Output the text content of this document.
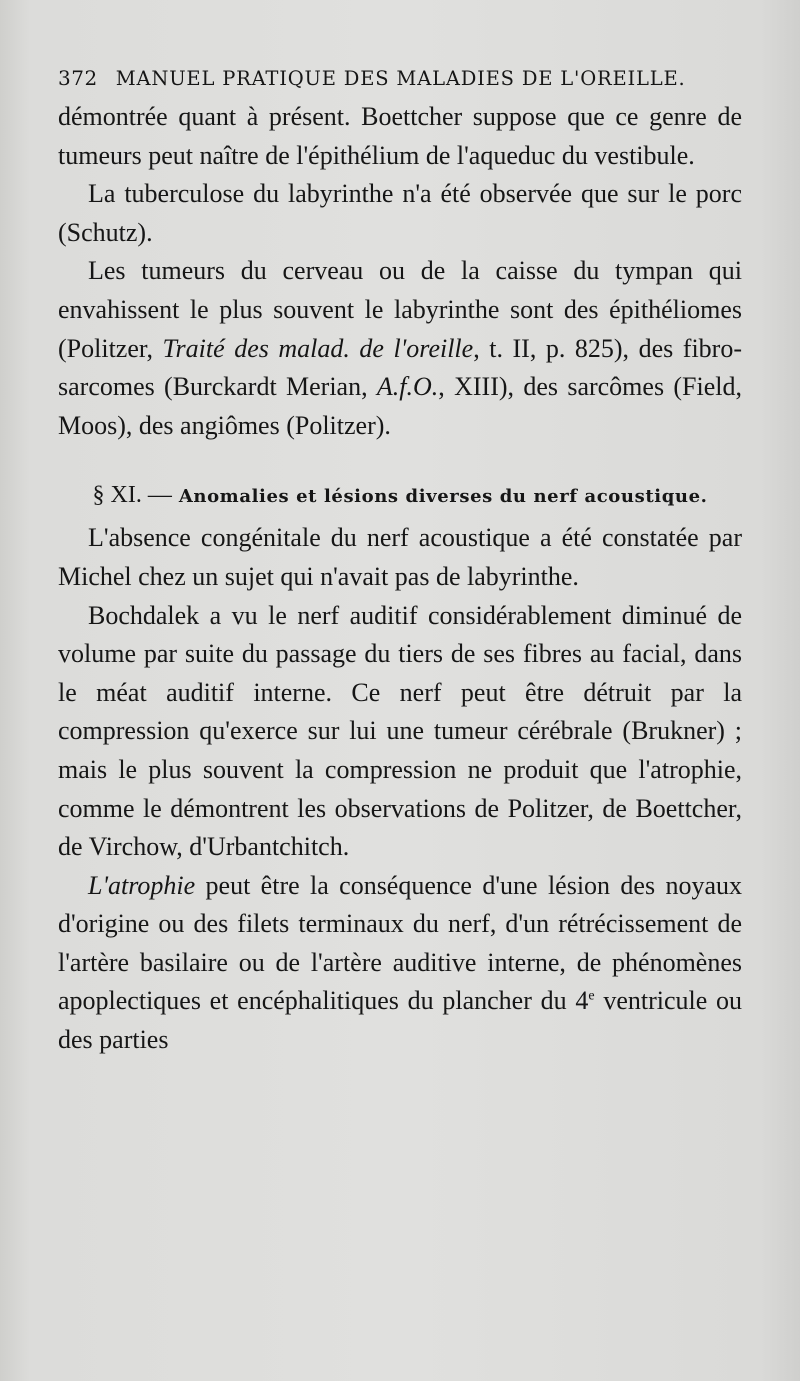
372 MANUEL PRATIQUE DES MALADIES DE L'OREILLE.

démontrée quant à présent. Boettcher suppose que ce genre de tumeurs peut naître de l'épithélium de l'aqueduc du vestibule.

La tuberculose du labyrinthe n'a été observée que sur le porc (Schutz).

Les tumeurs du cerveau ou de la caisse du tympan qui envahissent le plus souvent le labyrinthe sont des épithéliomes (Politzer, Traité des malad. de l'oreille, t. II, p. 825), des fibro-sarcomes (Burckardt Merian, A.f.O., XIII), des sarcômes (Field, Moos), des angiômes (Politzer).

§ XI. — Anomalies et lésions diverses du nerf acoustique.

L'absence congénitale du nerf acoustique a été constatée par Michel chez un sujet qui n'avait pas de labyrinthe.

Bochdalek a vu le nerf auditif considérablement diminué de volume par suite du passage du tiers de ses fibres au facial, dans le méat auditif interne. Ce nerf peut être détruit par la compression qu'exerce sur lui une tumeur cérébrale (Brukner) ; mais le plus souvent la compression ne produit que l'atrophie, comme le démontrent les observations de Politzer, de Boettcher, de Virchow, d'Urbantchitch.

L'atrophie peut être la conséquence d'une lésion des noyaux d'origine ou des filets terminaux du nerf, d'un rétrécissement de l'artère basilaire ou de l'artère auditive interne, de phénomènes apoplectiques et encéphalitiques du plancher du 4e ventricule ou des parties
